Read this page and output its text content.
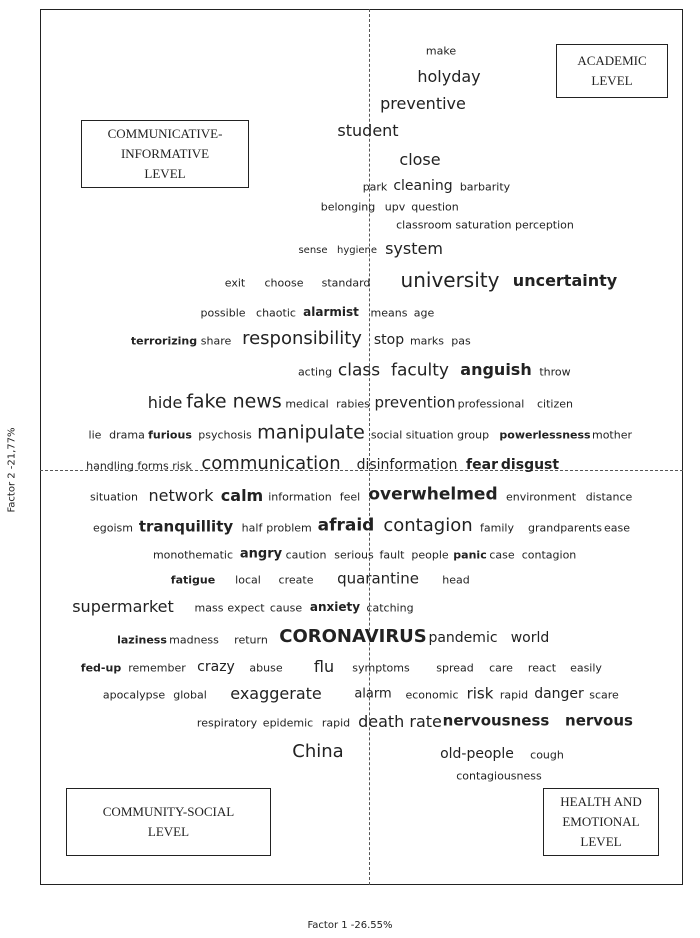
make
holyday
preventive
student
close
park cleaning barbarity
belonging upv question
classroom saturation perception
sense hygiene system
exit choose standard university uncertainty
possible chaotic alarmist means age
terrorizing share responsibility stop marks pas
acting class faculty anguish throw
hide fake news medical rabies prevention professional citizen
lie drama furious psychosis manipulate social situation group powerlessness mother
handling forms risk communication disinformation fear disgust
situation network calm information feel overwhelmed environment distance
egoism tranquillity half problem afraid contagion family grandparents ease
monothematic angry caution serious fault people panic case contagion
fatigue local create quarantine head
supermarket mass expect cause anxiety catching
laziness madness return CORONAVIRUS pandemic world
fed-up remember crazy abuse flu symptoms spread care react easily
apocalypse global exaggerate	alarm economic risk rapid danger scare
respiratory epidemic rapid death rate nervousness nervous
China	old-people cough
contagiousness
ACADEMIC
LEVEL
COMMUNICATIVE-
INFORMATIVE
LEVEL
COMMUNITY-SOCIAL
LEVEL
HEALTH AND
EMOTIONAL
LEVEL
Factor 2 -21,77%
Factor 1 -26.55%
